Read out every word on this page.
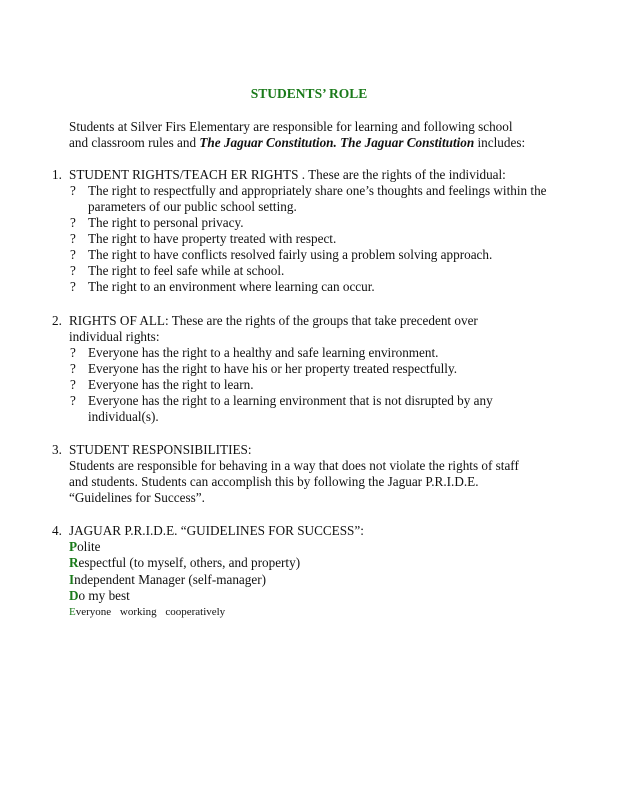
STUDENTS’ ROLE
Students at Silver Firs Elementary are responsible for learning and following school
and classroom rules and The Jaguar Constitution. The Jaguar Constitution includes:
1. STUDENT RIGHTS/TEACH ER RIGHTS . These are the rights of the individual:
? The right to respectfully and appropriately share one’s thoughts and feelings within the parameters of our public school setting.
? The right to personal privacy.
? The right to have property treated with respect.
? The right to have conflicts resolved fairly using a problem solving approach.
? The right to feel safe while at school.
? The right to an environment where learning can occur.
2. RIGHTS OF ALL: These are the rights of the groups that take precedent over individual rights:
? Everyone has the right to a healthy and safe learning environment.
? Everyone has the right to have his or her property treated respectfully.
? Everyone has the right to learn.
? Everyone has the right to a learning environment that is not disrupted by any individual(s).
3. STUDENT RESPONSIBILITIES:
Students are responsible for behaving in a way that does not violate the rights of staff and students. Students can accomplish this by following the Jaguar P.R.I.D.E. “Guidelines for Success”.
4. JAGUAR P.R.I.D.E. “GUIDELINES FOR SUCCESS”:
Polite
Respectful (to myself, others, and property)
Independent Manager (self-manager)
Do my best
Everyone working cooperatively
